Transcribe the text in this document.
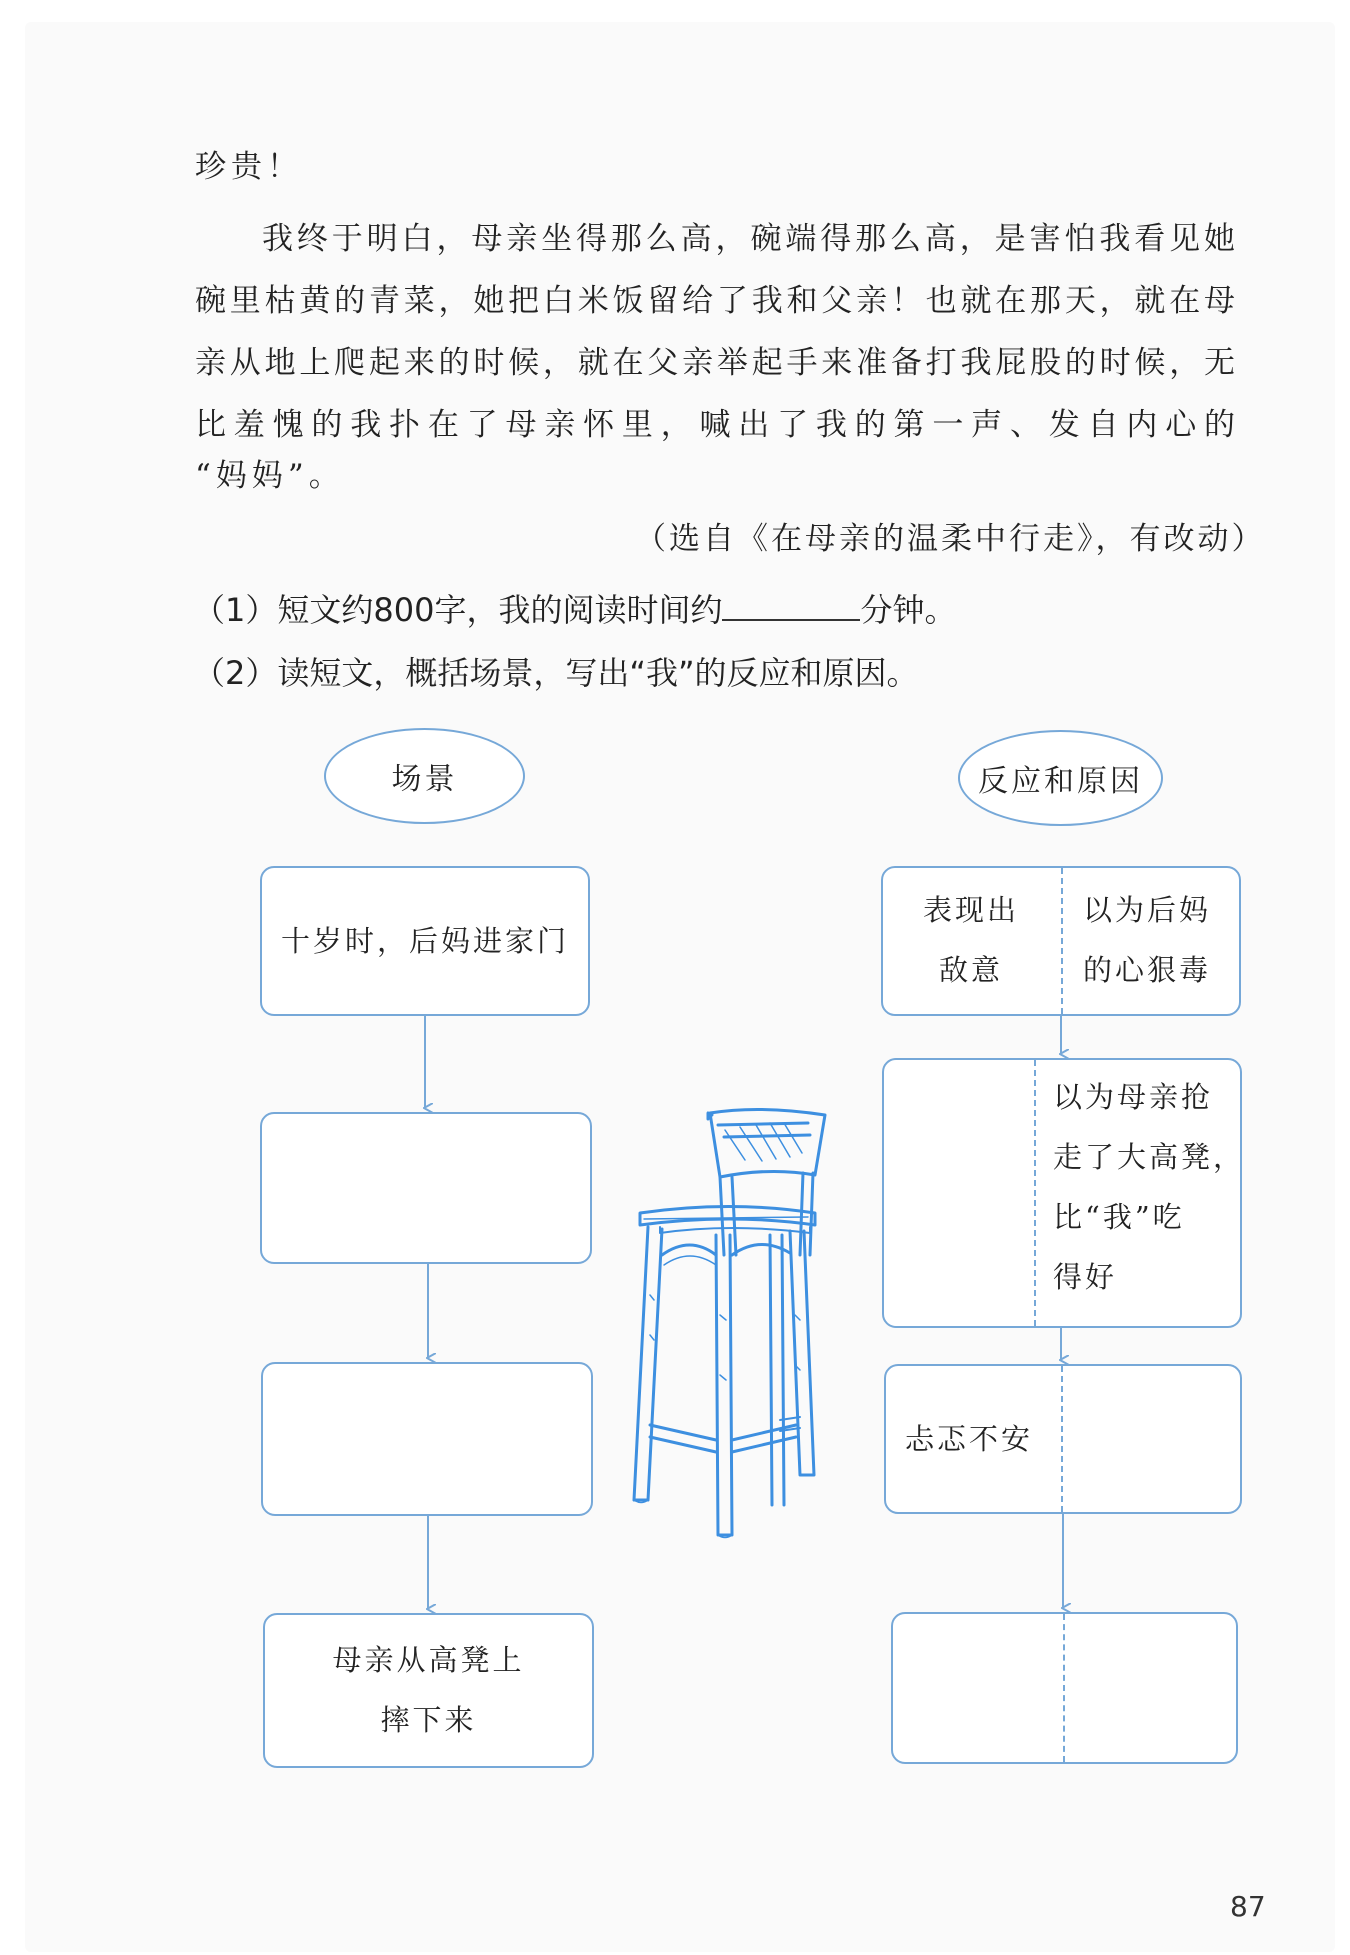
珍贵！
我终于明白，母亲坐得那么高，碗端得那么高，是害怕我看见她
碗里枯黄的青菜，她把白米饭留给了我和父亲！也就在那天，就在母
亲从地上爬起来的时候，就在父亲举起手来准备打我屁股的时候，无
比羞愧的我扑在了母亲怀里，喊出了我的第一声、发自内心的
“妈妈”。
（选自《在母亲的温柔中行走》，有改动）
（1）短文约800字，我的阅读时间约	分钟。
（2）读短文，概括场景，写出“我”的反应和原因。
场景	反应和原因
十岁时，后妈进家门
母亲从高凳上
摔下来
表现出
敌意
以为后妈
的心狠毒
以为母亲抢
走了大高凳，
比“我”吃
得好
忐忑不安
87
